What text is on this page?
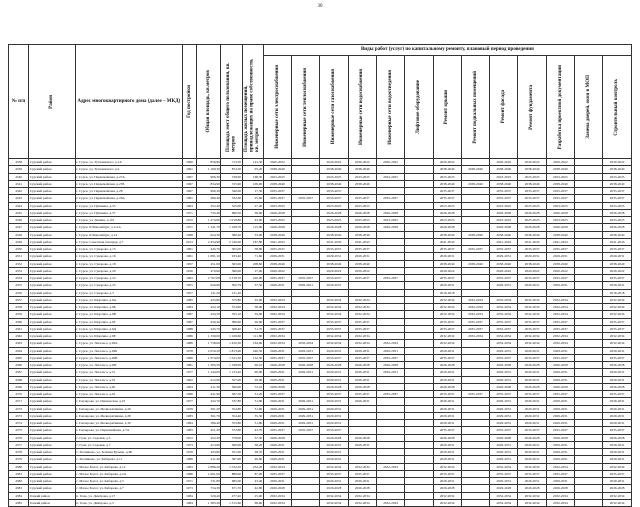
30
№ п/п	Район	Адрес многоквартирного дома (далее – МКД)	Год постройки	Общая площадь, кв.метров	Площадь мест общего пользования, кв. метров	Площадь жилых помещений, принадлежащих на праве собственности, кв. метров	Виды работ (услуг) по капитальному ремонту, плановый период проведения												

							Инженерные сети электроснабжения	Инженерные сети теплоснабжения	Инженерные сети газоснабжения	Инженерные сети водоснабжения	Инженерные сети водоотведения	Лифтовое оборудование	Ремонт крыши	Ремонт подвальных помещений	Ремонт фасада	Ремонт фундамента	Разработка проектной документации	Замена дверей, окон в МОП	Строительный контроль

4338	Сурский район	г. Сурск, ул. Тухачевского, д.1А	1960	856,80	713,50	143,30	2020-2022		2020-2022	2020-2022	2020-2022		2020-2022		2020-2022	2020-2022	2020-2022		2020-2022
4339	Сурский район	г. Сурск, ул. Тухачевского, д.2	1961	1 169,30	874,30	95,20	2038-2040		2038-2040	2038-2040			2038-2040	2038-2040	2038-2040	2038-2040	2038-2040		2038-2040
4340	Сурский район	г. Сурск, ул. Первомайская, д.27А	1967	906,30	728,00	168,30	2023-2025		2023-2025	2023-2025	2023-2025		2023-2025		2023-2025	2023-2025	2023-2025		2023-2025
4341	Сурский район	г. Сурск, ул. Первомайская, д.27Б	1967	834,90	725,90	109,00	2038-2040		2038-2040	2038-2040			2038-2040	2038-2040	2038-2040	2038-2040	2038-2040		2038-2040
4342	Сурский район	г. Сурск, ул. Первомайская, д.28	1967	990,30	340,00	17,50	2035-2037		2035-2037				2035-2037		2035-2037	2035-2037	2035-2037		2035-2037
4343	Сурский район	г. Сурск, ул. Первомайская, д.29А	1981	480,40	332,60	25,60	2035-2037	2035-2037	2035-2037	2035-2037	2035-2037		2035-2037		2035-2037	2035-2037	2035-2037		2035-2037
4344	Сурский район	г. Сурск, ул. Пушкина, д.55	1964	352,40	325,00	27,40	2023-2025		2023-2025	2023-2025			2023-2025		2023-2025	2023-2025	2023-2025		2023-2025
4345	Сурский район	г. Сурск, ул. Пушкина, д.57	1971	735,40	696,50	38,90	2026-2028		2026-2028	2026-2028	2026-2028		2026-2028		2026-2028	2026-2028	2026-2028		2026-2028
4346	Сурский район	г. Сурск, ул. Ленина, д.101	1972	1 274,60	1 018,80	43,00	2023-2025		2023-2025	2023-2025	2023-2025		2023-2025		2023-2025	2023-2025	2023-2025		2023-2025
4347	Сурский район	г. Сурск, Р.Люксембург, д.111А	1971	1 341,70	1 168,70	115,90	2026-2028		2026-2028	2026-2028	2026-2028		2026-2028		2026-2028	2026-2028	2026-2028		2026-2028
4348	Сурский район	г. Сурск, Р.Люксембург, д.14	1968	624,30	580,40	33,90	2038-2040		2038-2040	2038-2040			2038-2040	2038-2040	2038-2040	2038-2040	2038-2040		2038-2040
4349	Сурский район	г. Сурск, Советская площадь, д.7	2013	2 454,98	2 140,00	187,80	2041-2043		2041-2043	2041-2043			2041-2043		2041-2043	2041-2043	2041-2043		2041-2043
4350	Сурский район	г. Сурск, ул. Суворова, д.15	1961	445,70	305,00	38,80	2035-2037		2035-2037	2035-2037			2035-2037	2035-2037	2035-2037	2035-2037	2035-2037		2035-2037
4351	Сурский район	г. Сурск, ул. Суворова, д.16	1961	1 081,10	933,40	71,60	2029-2031		2029-2031	2029-2031			2029-2031		2029-2031	2029-2031	2029-2031		2029-2031
4352	Сурский район	г. Сурск, ул. Суворова, д.18	1957	451,00	365,00	208,60	2038-2040		2038-2040	2038-2040			2038-2040	2038-2040	2038-2040	2038-2040	2038-2040		2038-2040
4353	Сурский район	г. Сурск, ул. Суворова, д.20	1956	470,60	396,00	27,00	2020-2022		2020-2022	2020-2022			2020-2022		2020-2022	2020-2022	2020-2022		2020-2022
4354	Сурский район	г. Сурск, ул. Суворова, д.22	1993	2 767,08	2 318,70	220,00	2035-2037	2035-2037	2035-2037	2035-2037	2035-2037		2035-2037		2035-2037	2035-2037	2035-2037		2035-2037
4355	Сурский район	г. Сурск, ул. Суворова, д.25	1955	620,60	500,79	37,50	2029-2031	2029-2031	2029-2031				2029-2031		2029-2031	2029-2031	2029-2031		2029-2031
4356	Сурский район	г. Сурск, ул. Суворова, д.3	1957	131,20	131,20								2016-2018						2016-2018
4357	Сурский район	г. Сурск, ул. Щорсина, д.6А	1985	435,80	375,80	35,00	2032-2034		2032-2034	2032-2034			2032-2034	2032-2034	2032-2034	2032-2034	2032-2034		2032-2034
4358	Сурский район	г. Сурск, ул. Щорсина, д.6Б	1984	452,10	374,90	38,00	2032-2034		2032-2034	2032-2034			2032-2034	2032-2034	2032-2034	2032-2034	2032-2034		2032-2034
4359	Сурский район	г. Сурск, ул. Щорсина, д.6В	1987	434,50	355,10	35,00	2032-2034		2032-2034	2032-2034			2032-2034	2032-2034	2032-2034	2032-2034	2032-2034		2032-2034
4360	Сурский район	г. Сурск, ул. Щорсина, д.6Г	1987	450,40	386,60	26,90	2035-2037		2035-2037	2035-2037			2035-2037	2035-2037	2035-2037	2035-2037	2035-2037		2035-2037
4361	Сурский район	г. Сурск, ул. Щорсина, д.6Д	1988	445,70	368,40	51,70	2035-2037		2035-2037	2035-2037			2035-2037	2035-2037	2035-2037	2035-2037	2035-2037		2035-2037
4362	Сурский район	г. Сурск, ул. Щорсина, д.6Е	1986	1 330,00	1 169,60	111,80	2032-2034		2032-2034	2032-2034			2032-2034	2032-2034	2032-2034	2032-2034	2032-2034		2032-2034
4363	Сурский район	г. Сурск, ул. Энгельса, д.29А	1986	1 758,00	1 450,30	164,60	2032-2034	2032-2034	2032-2034	2032-2034	2032-2034		2032-2034		2032-2034	2032-2034	2032-2034		2032-2034
4364	Сурский район	г. Сурск, ул. Энгельса, д.29Б	1978	2 059,20	1 813,90	240,50	2029-2031	2029-2031	2029-2031	2029-2031	2029-2031		2029-2031		2029-2031	2029-2031	2029-2031		2029-2031
4365	Сурский район	г. Сурск, ул. Энгельса, д.29В	1980	1 674,00	1 521,50	152,50	2035-2037	2035-2037	2035-2037	2035-2037	2035-2037		2035-2037		2035-2037	2035-2037	2035-2037		2035-2037
4366	Сурский район	г. Сурск, ул. Энгельса, д.29Г	1981	1 295,50	1 198,00	96,10	2026-2028	2026-2028	2026-2028	2026-2028	2026-2028		2026-2028		2026-2028	2026-2028	2026-2028		2026-2028
4367	Сурский район	г. Сурск, ул. Энгельса, д.31	1977	1 244,00	1 133,40	60,80	2029-2031	2029-2031	2029-2031	2029-2031	2029-2031		2029-2031		2029-2031	2029-2031	2029-2031		2029-2031
4368	Сурский район	г. Сурск, ул. Энгельса, д.32	1962	412,90	357,90	29,00	2029-2031		2029-2031	2029-2031			2029-2031		2029-2031	2029-2031	2029-2031		2029-2031
4369	Сурский район	г. Сурск, ул. Энгельса, д.40	1964	411,30	360,00	53,10	2026-2028		2026-2028	2026-2028			2026-2028		2026-2028	2026-2028	2026-2028		2026-2028
4370	Сурский район	г. Сурск, ул. Энгельса, д.42	1966	441,90	367,50	31,20	2035-2037		2035-2037	2035-2037	2035-2037		2035-2037	2035-2037	2035-2037	2035-2037	2035-2037		2035-2037
4371	Сурский район	г. Гончарова, ул. Пионерская, д.25	1977	432,70	337,80	31,80	2029-2031	2029-2031	2029-2031	2029-2031			2029-2031		2029-2031	2029-2031	2029-2031		2029-2031
4372	Сурский район	г. Гончарова, ул. Мелиоративная, д.26	1979	391,20	354,80	31,60	2029-2031	2029-2031	2029-2031				2029-2031		2029-2031	2029-2031	2029-2031		2029-2031
4373	Сурский район	г. Гончарова, ул. Мелиоративная, д.28	1983	391,70	354,40	35,30	2029-2031	2029-2031	2029-2031				2029-2031		2029-2031	2029-2031	2029-2031		2029-2031
4374	Сурский район	г. Гончарова, ул. Мелиоративная, д.30	1984	386,40	353,80	31,80	2029-2031	2029-2031	2029-2031				2029-2031		2029-2031	2029-2031	2029-2031		2029-2031
4375	Сурский район	г. Гончарова, ул. Первомайская, д.7А	1983	451,50	372,80	43,70	2035-2037	2035-2037	2035-2037				2035-2037		2035-2037	2035-2037	2035-2037		2035-2037
4376	Сурский район	с. Гуля, ул. Садовая, д.5	1972	452,50	378,90	37,50	2026-2028		2026-2028	2026-2028			2026-2028		2026-2028	2026-2028	2026-2028		2026-2028
4377	Сурский район	с. Гуля, ул. Садовая, д.7	1973	413,60	369,00	38,20	2029-2031		2029-2031	2029-2031			2029-2031		2029-2031	2029-2031	2029-2031		2029-2031
4378	Сурский район	с. Хотниково, ул. Зелёная Бучина, д.4Б	1978	423,80	351,90	38,70	2029-2031		2029-2031				2029-2031		2029-2031	2029-2031	2029-2031		2029-2031
4379	Сурский район	с. Хотниково, ул. Кабарева, д.11	1980	411,40	367,90	46,60	2029-2031		2029-2031				2029-2031		2029-2031	2029-2031	2029-2031		2029-2031
4380	Сурский район	с. Малое Болот, ул. Кабарева, д.12	1983	2 886,20	1 532,20	232,20	2032-2034		2032-2034	2032-2034	2032-2034		2032-2034		2032-2034	2032-2034	2032-2034		2032-2034
4381	Сурский район	с. Малое Болот, ул. Кабарева, д.2А	1986	1 061,00	889,90	87,00	2035-2037		2035-2037	2035-2037			2035-2037		2035-2037	2035-2037	2035-2037		2035-2037
4382	Сурский район	с. Малое Болот, ул. Кабарева, д.5	1971	731,80	685,00	43,40	2029-2031		2029-2031	2029-2031			2029-2031		2029-2031	2029-2031	2029-2031		2029-2031
4383	Сурский район	с. Малое Болот, ул. Кабарева, д.7	1973	754,30	671,70	42,80	2026-2028		2026-2028	2026-2028			2026-2028		2026-2028	2026-2028	2026-2028		2026-2028
4384	Тоцкий район	п. Тоцк, ул. Дмитрова, д.17	1984	529,40	477,40	25,00	2032-2034		2032-2034	2032-2034			2032-2034		2032-2034	2032-2034	2032-2034		2032-2034
4385	Тоцкий район	п. Тоцк, ул. Дмитрова, д.3	1984	1 385,20	1 315,60	69,60	2032-2034		2032-2034	2032-2034	2032-2034		2032-2034		2032-2034	2032-2034	2032-2034		2032-2034
